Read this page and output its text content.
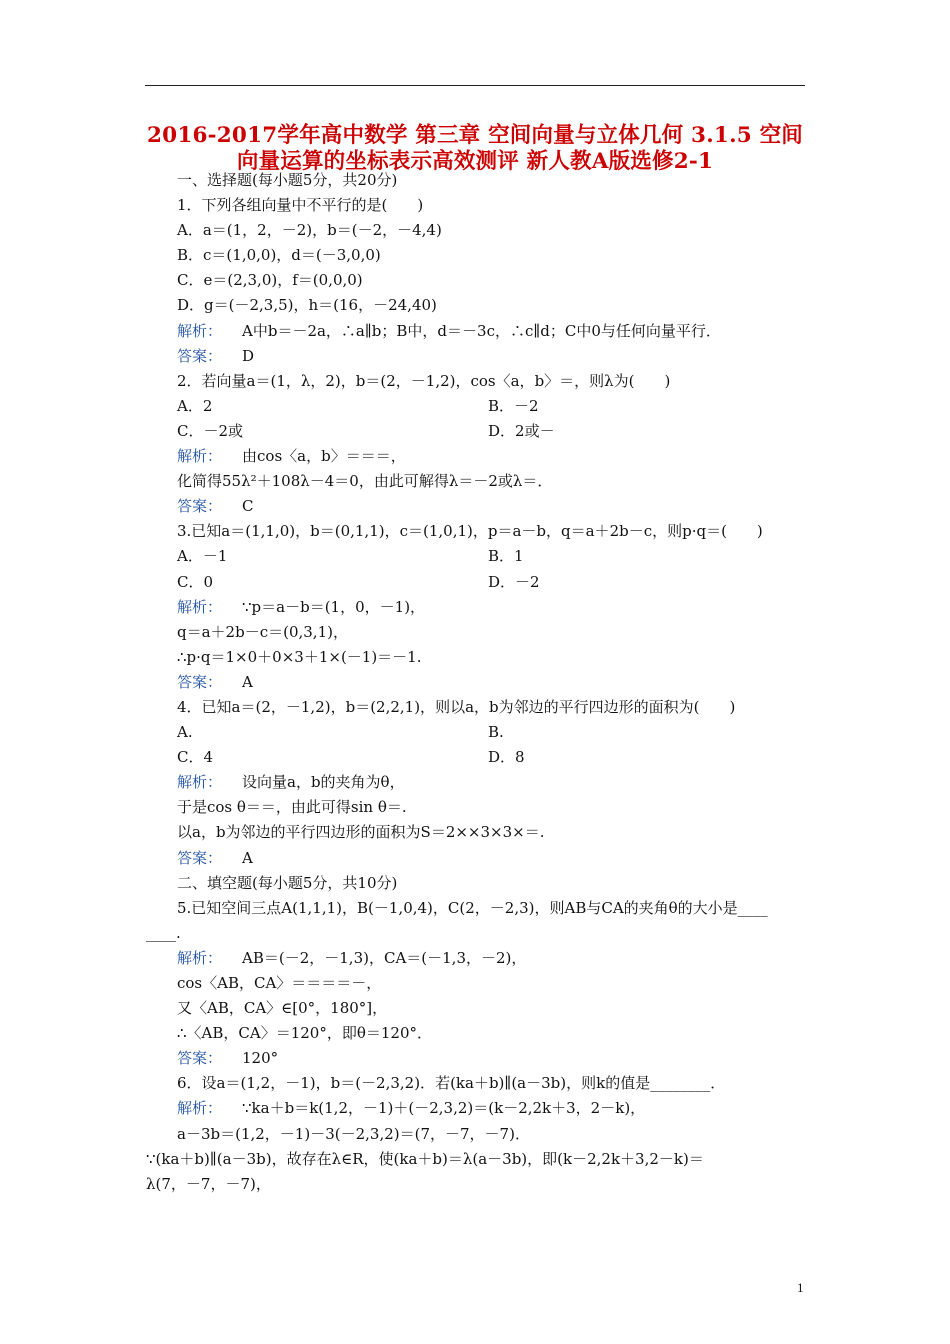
2016-2017学年高中数学 第三章 空间向量与立体几何 3.1.5 空间
向量运算的坐标表示高效测评 新人教A版选修2-1
一、选择题(每小题5分，共20分)
1．下列各组向量中不平行的是(　　)
A．a＝(1，2，－2)，b＝(－2，－4,4)
B．c＝(1,0,0)，d＝(－3,0,0)
C．e＝(2,3,0)，f＝(0,0,0)
D．g＝(－2,3,5)，h＝(16，－24,40)
解析： A中b＝－2a，∴a∥b；B中，d＝－3c，∴c∥d；C中0与任何向量平行．
答案： D
2．若向量a＝(1，λ，2)，b＝(2，－1,2)，cos〈a，b〉＝，则λ为(　　)
A．2	B．－2
C．－2或	D．2或－
解析： 由cos〈a，b〉＝＝＝，
化简得55λ²＋108λ－4＝0，由此可解得λ＝－2或λ＝．
答案： C
3.已知a＝(1,1,0)，b＝(0,1,1)，c＝(1,0,1)，p＝a－b，q＝a＋2b－c，则p·q＝(　　)
A．－1	B．1
C．0	D．－2
解析： ∵p＝a－b＝(1，0，－1)，
q＝a＋2b－c＝(0,3,1)，
∴p·q＝1×0＋0×3＋1×(－1)＝－1.
答案： A
4．已知a＝(2，－1,2)，b＝(2,2,1)，则以a，b为邻边的平行四边形的面积为(　　)
A.	B.
C．4	D．8
解析： 设向量a，b的夹角为θ，
于是cos θ＝＝，由此可得sin θ＝.
以a，b为邻边的平行四边形的面积为S＝2××3×3×＝.
答案： A
二、填空题(每小题5分，共10分)
5.已知空间三点A(1,1,1)，B(－1,0,4)，C(2，－2,3)，则AB与CA的夹角θ的大小是____
____.
解析： AB＝(－2，－1,3)，CA＝(－1,3，－2)，
cos〈AB，CA〉＝＝＝＝－，
又〈AB，CA〉∈[0°，180°]，
∴〈AB，CA〉＝120°，即θ＝120°．
答案： 120°
6．设a＝(1,2，－1)，b＝(－2,3,2)．若(ka＋b)∥(a－3b)，则k的值是________．
解析： ∵ka＋b＝k(1,2，－1)＋(－2,3,2)＝(k－2,2k＋3，2－k)，
a－3b＝(1,2，－1)－3(－2,3,2)＝(7，－7，－7)．
∵(ka＋b)∥(a－3b)，故存在λ∈R，使(ka＋b)＝λ(a－3b)，即(k－2,2k＋3,2－k)＝
λ(7，－7，－7)，
1
